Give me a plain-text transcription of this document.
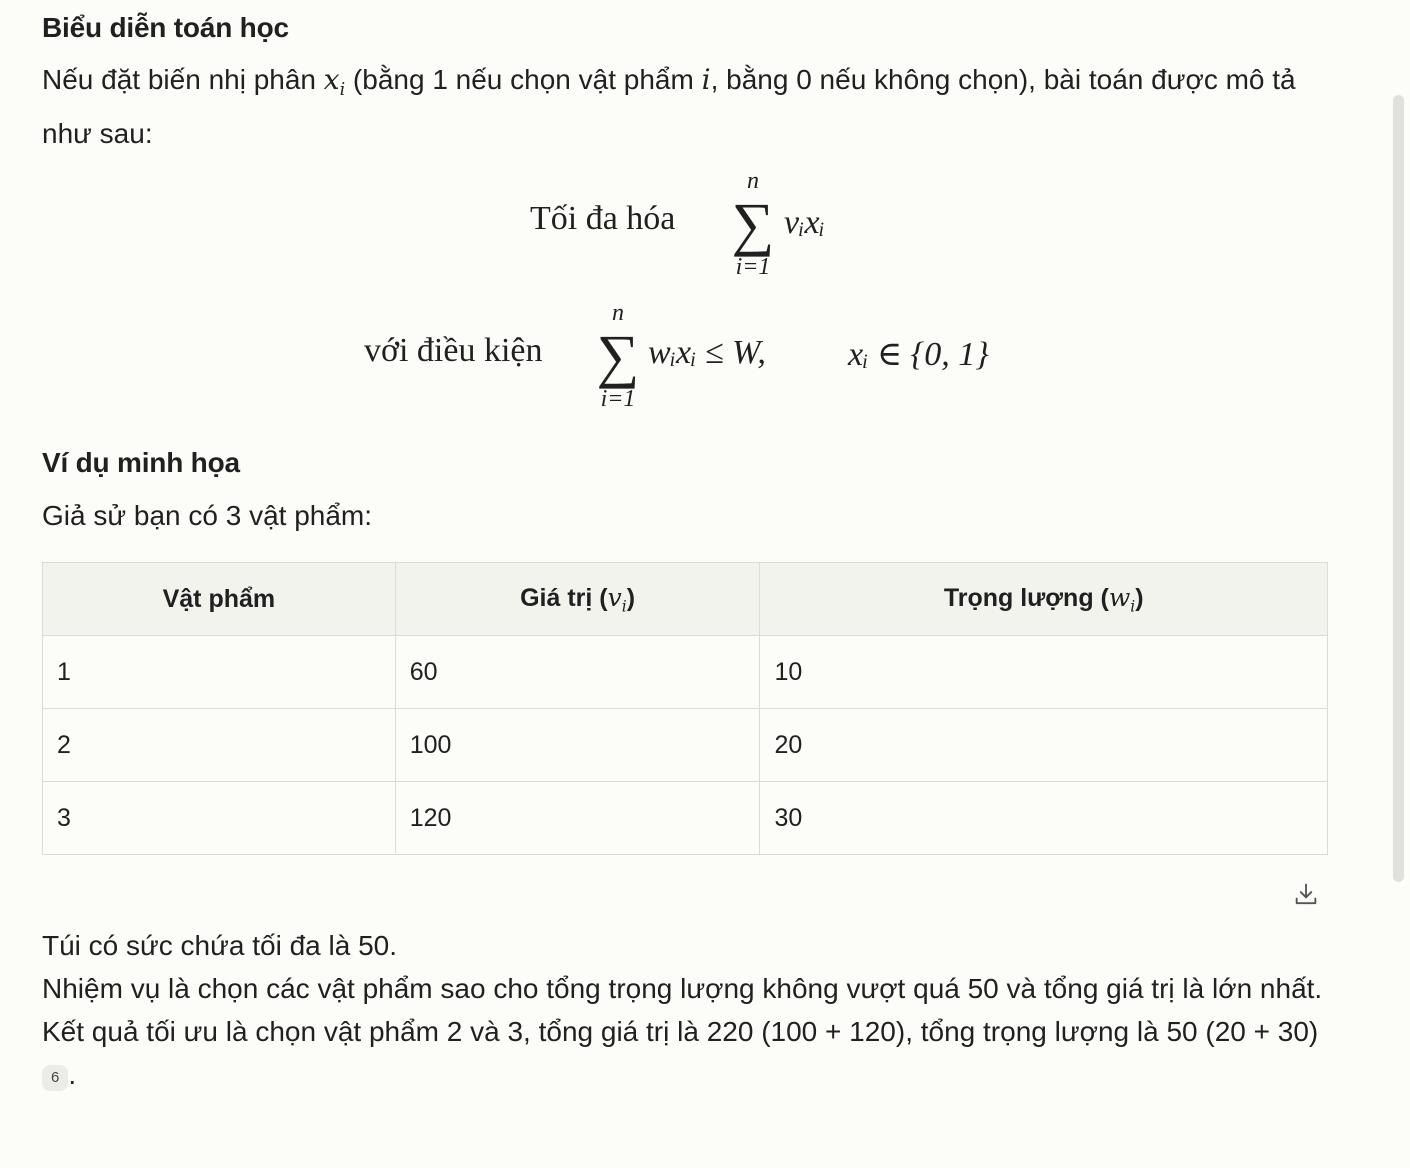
Biểu diễn toán học

Nếu đặt biến nhị phân $x_i$ (bằng 1 nếu chọn vật phẩm i, bằng 0 nếu không chọn), bài toán được mô tả như sau:

Tối đa hóa
n
∑
i=1
vᵢxᵢ
với điều kiện
n
∑
i=1
wᵢxᵢ ≤ W, xᵢ ∈ {0, 1}
Ví dụ minh họa

Giả sử bạn có 3 vật phẩm:

Vật phẩm	Giá trị $(v_i)$	Trọng lượng $(w_i)$
1	60	10
2	100	20
3	120	30
Túi có sức chứa tối đa là 50.
Nhiệm vụ là chọn các vật phẩm sao cho tổng trọng lượng không vượt quá 50 và tổng giá trị là lớn nhất.
Kết quả tối ưu là chọn vật phẩm 2 và 3, tổng giá trị là 220 (100 + 120), tổng trọng lượng là 50 (20 + 30) 6 .
